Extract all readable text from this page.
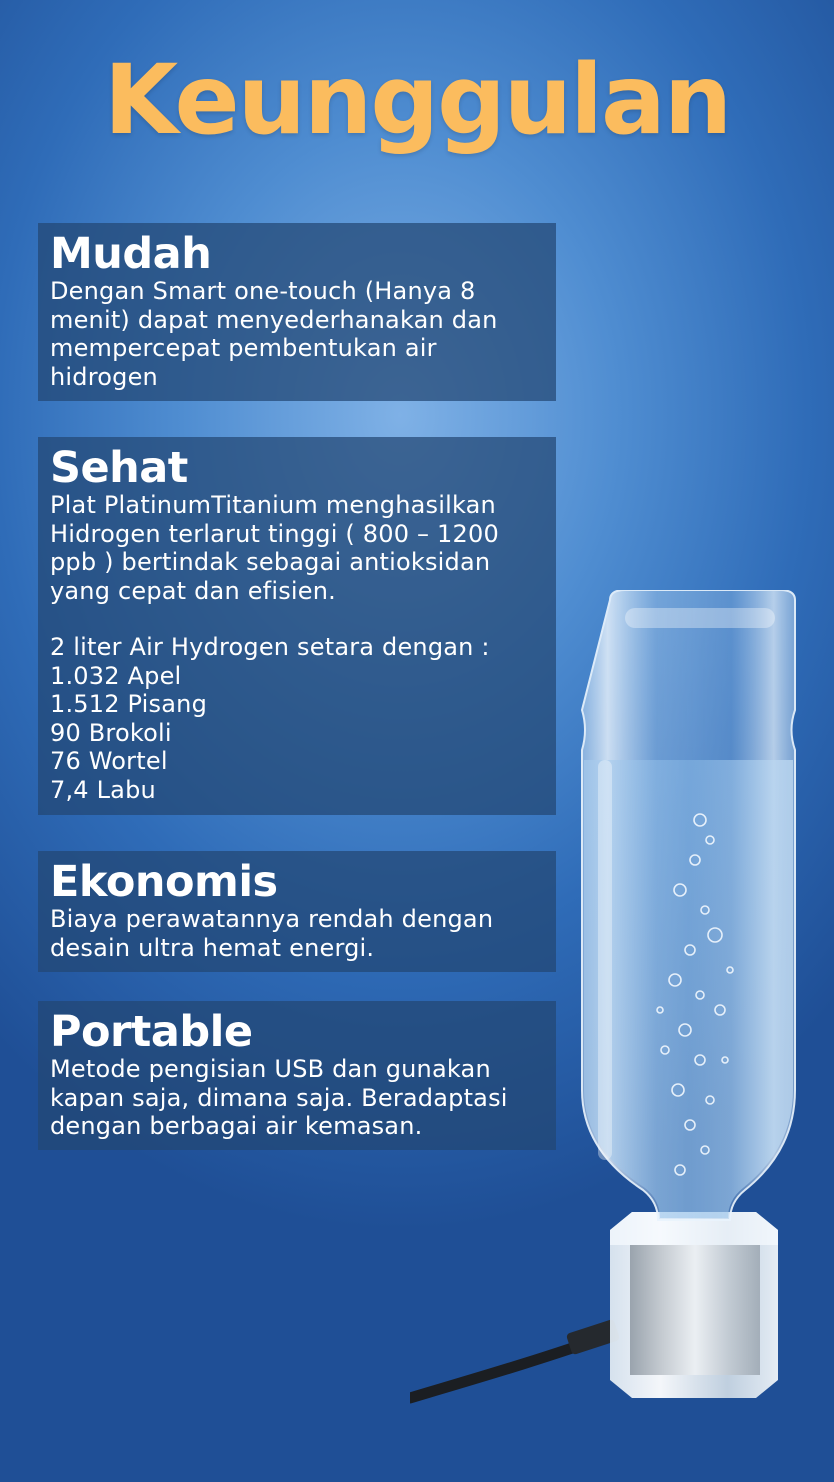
Keunggulan
Mudah

Dengan Smart one-touch (Hanya 8 menit) dapat menyederhanakan dan mempercepat pembentukan air hidrogen

Sehat

Plat PlatinumTitanium menghasilkan Hidrogen terlarut tinggi ( 800 – 1200 ppb ) bertindak sebagai antioksidan yang cepat dan efisien.

2 liter Air Hydrogen setara dengan :

1.032 Apel
1.512 Pisang
90 Brokoli
76 Wortel
7,4 Labu
Ekonomis

Biaya perawatannya rendah dengan desain ultra hemat energi.

Portable

Metode pengisian USB dan gunakan kapan saja, dimana saja. Beradaptasi dengan berbagai air kemasan.
